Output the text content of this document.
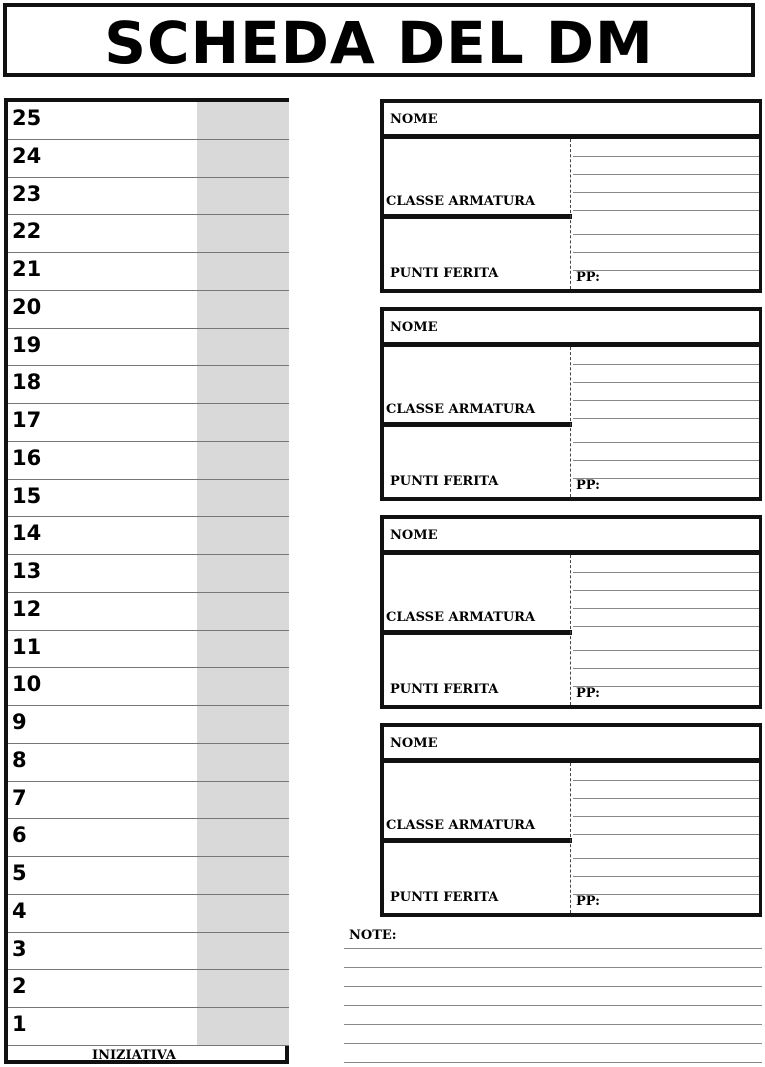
SCHEDA DEL DM
INIZIATIVA
25
24
23
22
21
20
19
18
17
16
15
14
13
12
11
10
9
8
7
6
5
4
3
2
1
NOME
CLASSE ARMATURA
PUNTI FERITA	PP:
NOME
CLASSE ARMATURA
PUNTI FERITA	PP:
NOME
CLASSE ARMATURA
PUNTI FERITA	PP:
NOME
CLASSE ARMATURA
PUNTI FERITA	PP:
NOTE:
